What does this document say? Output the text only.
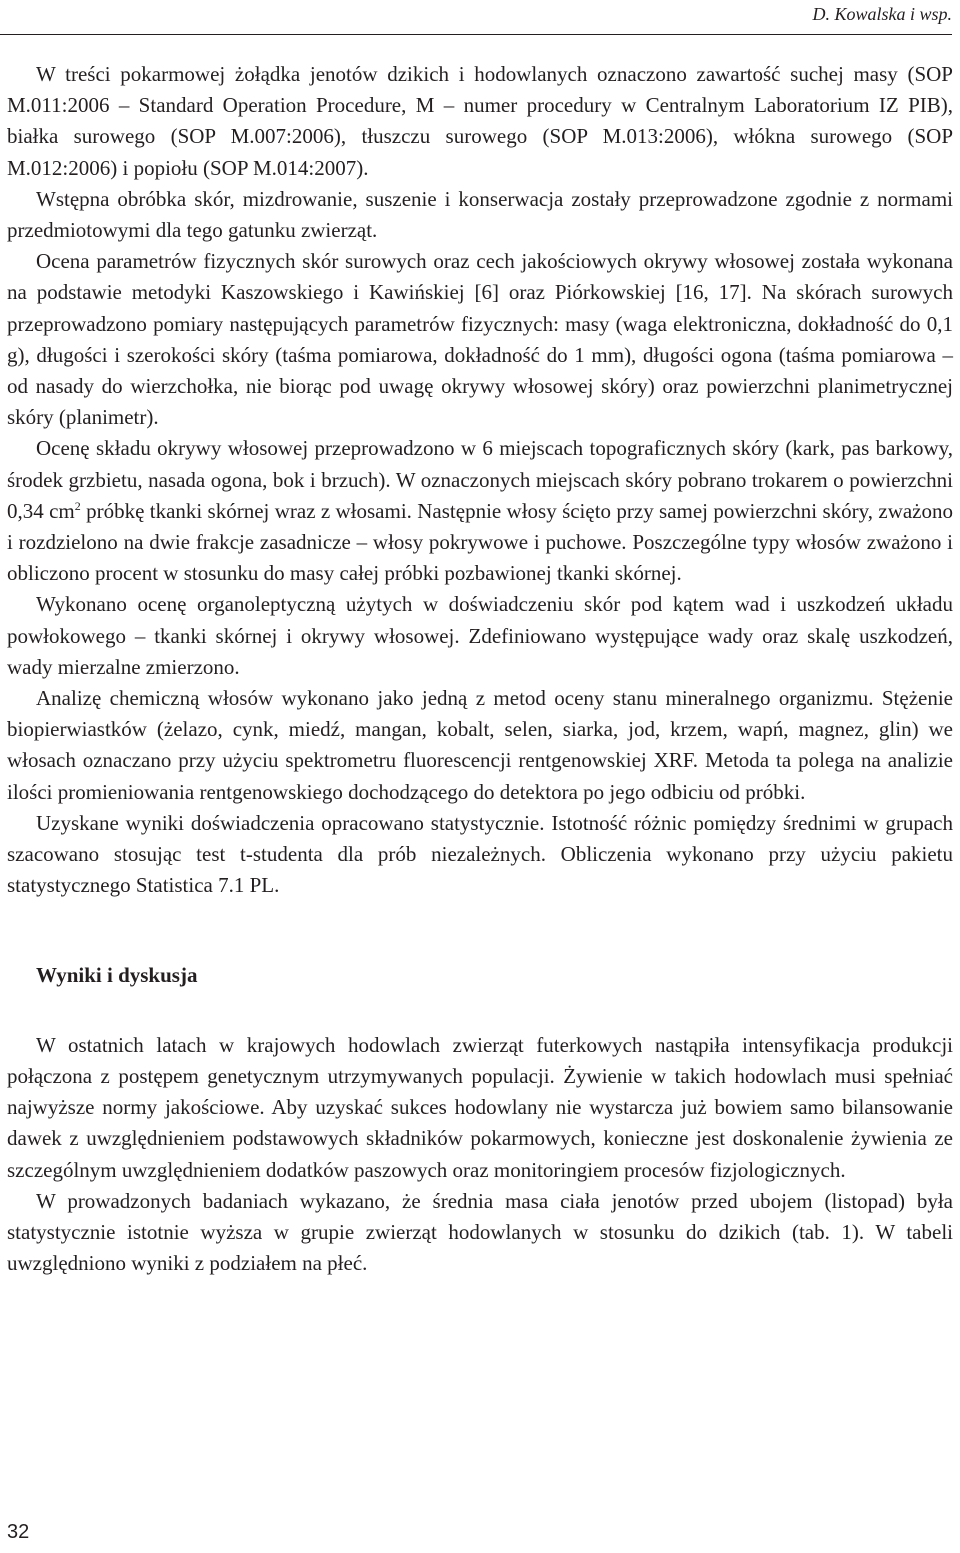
D. Kowalska i wsp.

W treści pokarmowej żołądka jenotów dzikich i hodowlanych oznaczono zawartość suchej masy (SOP M.011:2006 – Standard Operation Procedure, M – numer procedury w Centralnym Laboratorium IZ PIB), białka surowego (SOP M.007:2006), tłuszczu surowego (SOP M.013:2006), włókna surowego (SOP M.012:2006) i popiołu (SOP M.014:2007).

Wstępna obróbka skór, mizdrowanie, suszenie i konserwacja zostały przeprowadzone zgodnie z normami przedmiotowymi dla tego gatunku zwierząt.

Ocena parametrów fizycznych skór surowych oraz cech jakościowych okrywy włosowej została wykonana na podstawie metodyki Kaszowskiego i Kawińskiej [6] oraz Piórkowskiej [16, 17]. Na skórach surowych przeprowadzono pomiary następujących parametrów fizycznych: masy (waga elektroniczna, dokładność do 0,1 g), długości i szerokości skóry (taśma pomiarowa, dokładność do 1 mm), długości ogona (taśma pomiarowa – od nasady do wierzchołka, nie biorąc pod uwagę okrywy włosowej skóry) oraz powierzchni planimetrycznej skóry (planimetr).

Ocenę składu okrywy włosowej przeprowadzono w 6 miejscach topograficznych skóry (kark, pas barkowy, środek grzbietu, nasada ogona, bok i brzuch). W oznaczonych miejscach skóry pobrano trokarem o powierzchni 0,34 $cm^2$ próbkę tkanki skórnej wraz z włosami. Następnie włosy ścięto przy samej powierzchni skóry, zważono i rozdzielono na dwie frakcje zasadnicze – włosy pokrywowe i puchowe. Poszczególne typy włosów zważono i obliczono procent w stosunku do masy całej próbki pozbawionej tkanki skórnej.

Wykonano ocenę organoleptyczną użytych w doświadczeniu skór pod kątem wad i uszkodzeń układu powłokowego – tkanki skórnej i okrywy włosowej. Zdefiniowano występujące wady oraz skalę uszkodzeń, wady mierzalne zmierzono.

Analizę chemiczną włosów wykonano jako jedną z metod oceny stanu mineralnego organizmu. Stężenie biopierwiastków (żelazo, cynk, miedź, mangan, kobalt, selen, siarka, jod, krzem, wapń, magnez, glin) we włosach oznaczano przy użyciu spektrometru fluorescencji rentgenowskiej XRF. Metoda ta polega na analizie ilości promieniowania rentgenowskiego dochodzącego do detektora po jego odbiciu od próbki.

Uzyskane wyniki doświadczenia opracowano statystycznie. Istotność różnic pomiędzy średnimi w grupach szacowano stosując test t-studenta dla prób niezależnych. Obliczenia wykonano przy użyciu pakietu statystycznego Statistica 7.1 PL.

Wyniki i dyskusja

W ostatnich latach w krajowych hodowlach zwierząt futerkowych nastąpiła intensyfikacja produkcji połączona z postępem genetycznym utrzymywanych populacji. Żywienie w takich hodowlach musi spełniać najwyższe normy jakościowe. Aby uzyskać sukces hodowlany nie wystarcza już bowiem samo bilansowanie dawek z uwzględnieniem podstawowych składników pokarmowych, konieczne jest doskonalenie żywienia ze szczególnym uwzględnieniem dodatków paszowych oraz monitoringiem procesów fizjologicznych.

W prowadzonych badaniach wykazano, że średnia masa ciała jenotów przed ubojem (listopad) była statystycznie istotnie wyższa w grupie zwierząt hodowlanych w stosunku do dzikich (tab. 1). W tabeli uwzględniono wyniki z podziałem na płeć.

32
